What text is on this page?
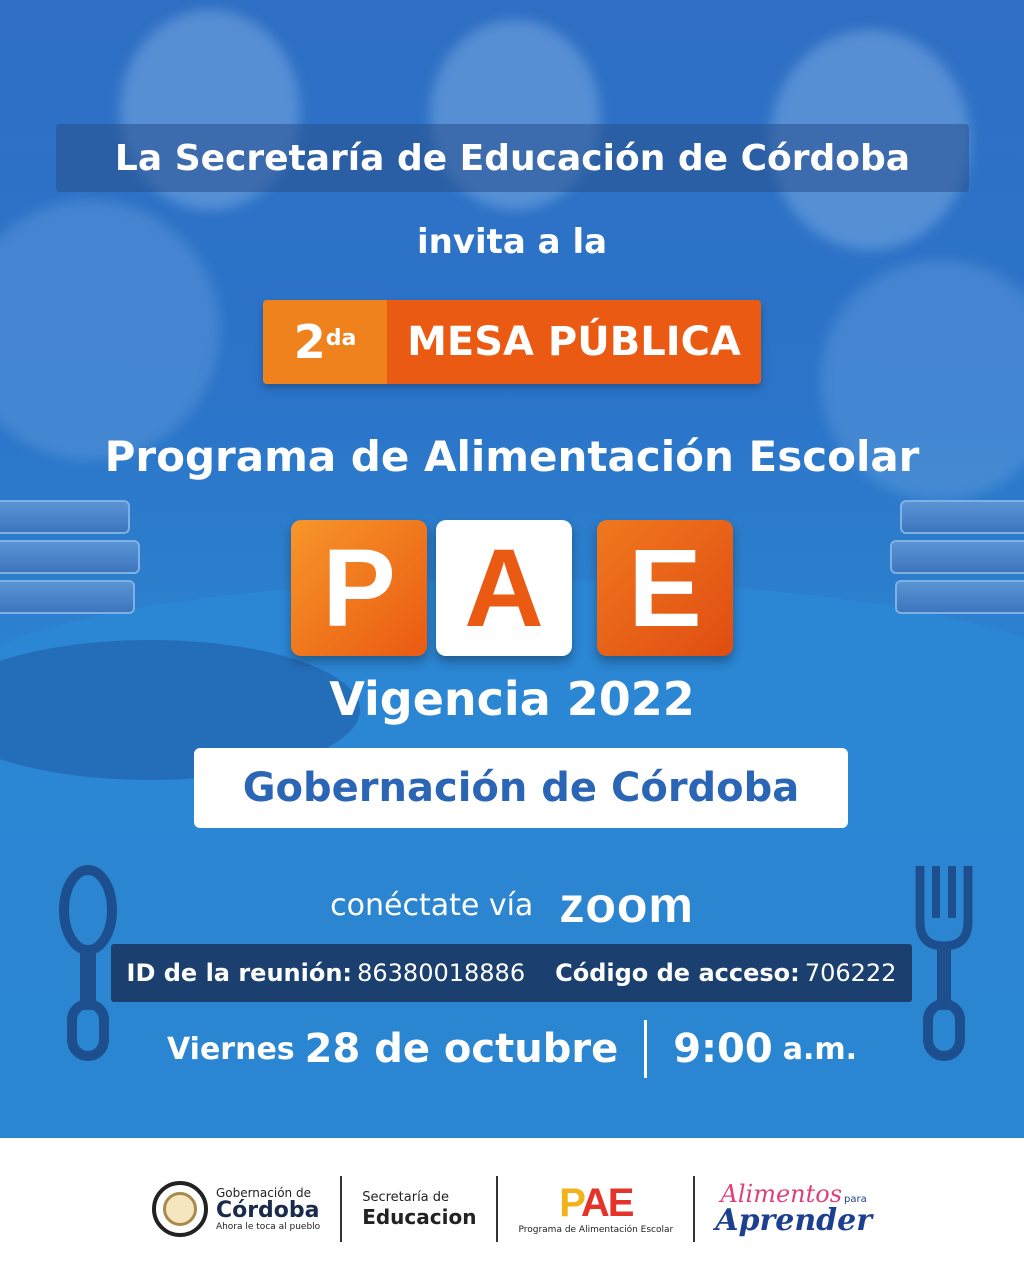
La Secretaría de Educación de Córdoba
invita a la
$2^{da}$ MESA PÚBLICA
Programa de Alimentación Escolar
P A E
Vigencia 2022
Gobernación de Córdoba
conéctate vía zoom
ID de la reunión: 86380018886 Código de acceso: 706222
Viernes 28 de octubre 9:00 a.m.
Gobernación de
Córdoba
Ahora le toca al pueblo
Secretaría de
Educacion PAE
Programa de Alimentación Escolar
Alimentos para
Aprender
